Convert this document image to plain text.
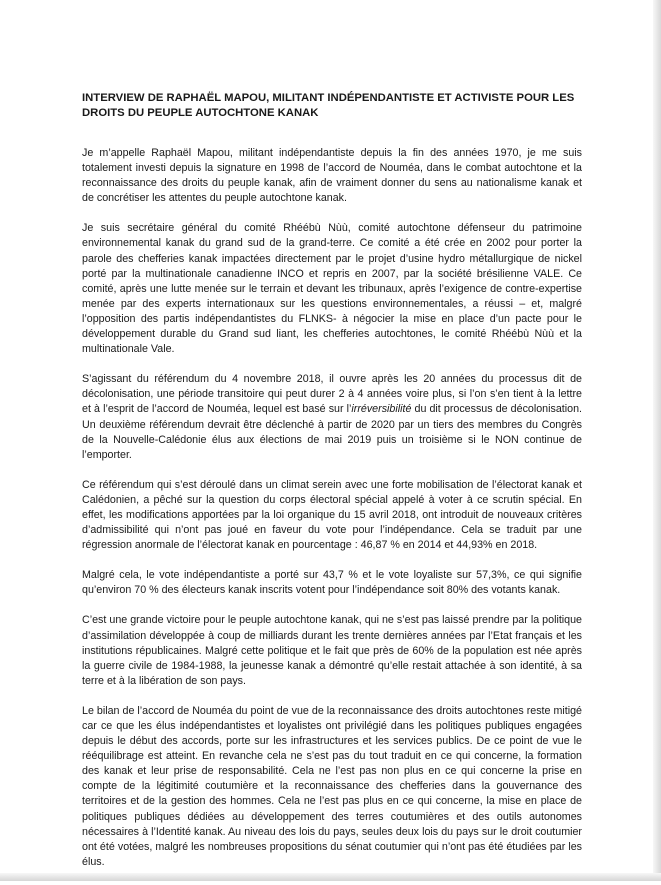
INTERVIEW DE RAPHAËL MAPOU, MILITANT INDÉPENDANTISTE ET ACTIVISTE POUR LES DROITS DU PEUPLE AUTOCHTONE KANAK

Je m’appelle Raphaël Mapou, militant indépendantiste depuis la fin des années 1970, je me suis totalement investi depuis la signature en 1998 de l’accord de Nouméa, dans le combat autochtone et la reconnaissance des droits du peuple kanak, afin de vraiment donner du sens au nationalisme kanak et de concrétiser les attentes du peuple autochtone kanak.

Je suis secrétaire général du comité Rhéébù Nùù, comité autochtone défenseur du patrimoine environnemental kanak du grand sud de la grand-terre. Ce comité a été crée en 2002 pour porter la parole des chefferies kanak impactées directement par le projet d’usine hydro métallurgique de nickel porté par la multinationale canadienne INCO et repris en 2007, par la société brésilienne VALE. Ce comité, après une lutte menée sur le terrain et devant les tribunaux, après l’exigence de contre-expertise menée par des experts internationaux sur les questions environnementales, a réussi – et, malgré l’opposition des partis indépendantistes du FLNKS- à négocier la mise en place d’un pacte pour le développement durable du Grand sud liant, les chefferies autochtones, le comité Rhéébù Nùù et la multinationale Vale.

S’agissant du référendum du 4 novembre 2018, il ouvre après les 20 années du processus dit de décolonisation, une période transitoire qui peut durer 2 à 4 années voire plus, si l’on s’en tient à la lettre et à l’esprit de l’accord de Nouméa, lequel est basé sur l’irréversibilité du dit processus de décolonisation. Un deuxième référendum devrait être déclenché à partir de 2020 par un tiers des membres du Congrès de la Nouvelle-Calédonie élus aux élections de mai 2019 puis un troisième si le NON continue de l’emporter.

Ce référendum qui s’est déroulé dans un climat serein avec une forte mobilisation de l’électorat kanak et Calédonien, a pêché sur la question du corps électoral spécial appelé à voter à ce scrutin spécial. En effet, les modifications apportées par la loi organique du 15 avril 2018, ont introduit de nouveaux critères d’admissibilité qui n’ont pas joué en faveur du vote pour l’indépendance. Cela se traduit par une régression anormale de l’électorat kanak en pourcentage : 46,87 % en 2014 et 44,93% en 2018.

Malgré cela, le vote indépendantiste a porté sur 43,7 % et le vote loyaliste sur 57,3%, ce qui signifie qu’environ 70 % des électeurs kanak inscrits votent pour l’indépendance soit 80% des votants kanak.

C’est une grande victoire pour le peuple autochtone kanak, qui ne s’est pas laissé prendre par la politique d’assimilation développée à coup de milliards durant les trente dernières années par l’Etat français et les institutions républicaines. Malgré cette politique et le fait que près de 60% de la population est née après la guerre civile de 1984-1988, la jeunesse kanak a démontré qu’elle restait attachée à son identité, à sa terre et à la libération de son pays.

Le bilan de l’accord de Nouméa du point de vue de la reconnaissance des droits autochtones reste mitigé car ce que les élus indépendantistes et loyalistes ont privilégié dans les politiques publiques engagées depuis le début des accords, porte sur les infrastructures et les services publics. De ce point de vue le rééquilibrage est atteint. En revanche cela ne s’est pas du tout traduit en ce qui concerne, la formation des kanak et leur prise de responsabilité. Cela ne l’est pas non plus en ce qui concerne la prise en compte de la légitimité coutumière et la reconnaissance des chefferies dans la gouvernance des territoires et de la gestion des hommes. Cela ne l’est pas plus en ce qui concerne, la mise en place de politiques publiques dédiées au développement des terres coutumières et des outils autonomes nécessaires à l’Identité kanak. Au niveau des lois du pays, seules deux lois du pays sur le droit coutumier ont été votées, malgré les nombreuses propositions du sénat coutumier qui n’ont pas été étudiées par les élus.
